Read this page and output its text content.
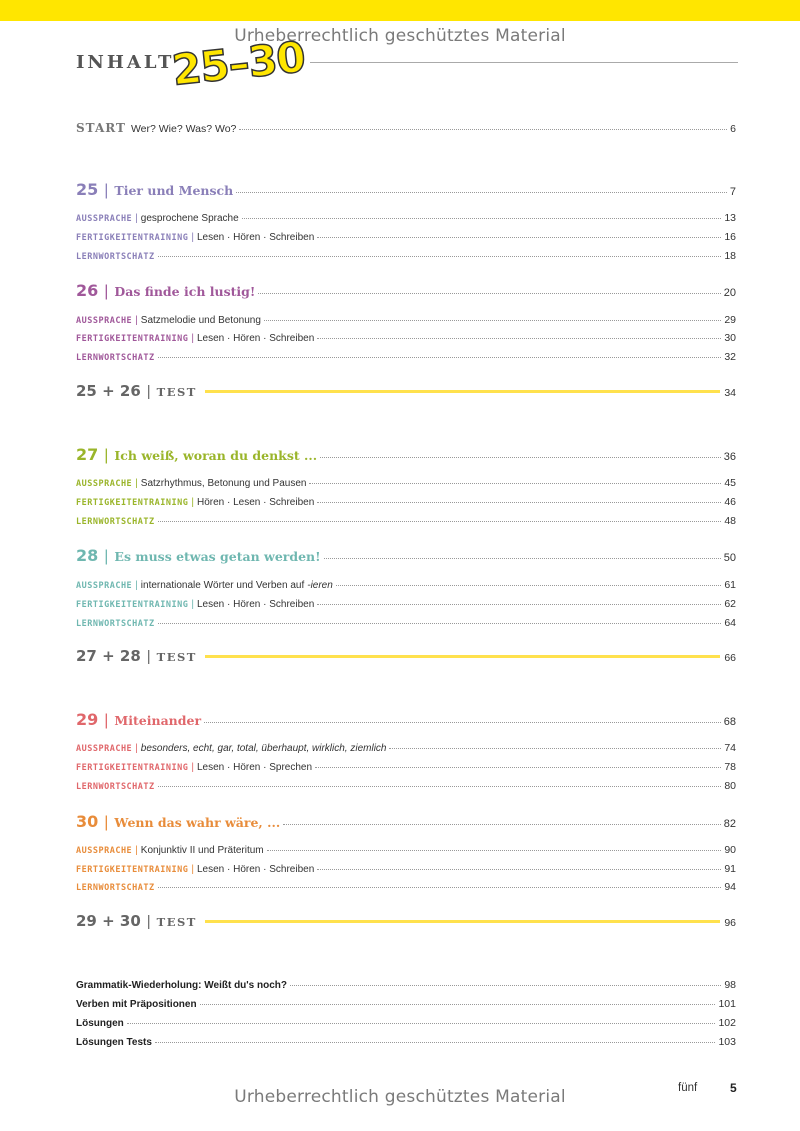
Urheberrechtlich geschütztes Material
INHALT
25–30
START Wer? Wie? Was? Wo?	6
25 | Tier und Mensch	7
AUSSPRACHE | gesprochene Sprache	13
FERTIGKEITENTRAINING | Lesen · Hören · Schreiben	16
LERNWORTSCHATZ	18
26 | Das finde ich lustig!	20
AUSSPRACHE | Satzmelodie und Betonung	29
FERTIGKEITENTRAINING | Lesen · Hören · Schreiben	30
LERNWORTSCHATZ	32
25 + 26 | TEST	34
27 | Ich weiß, woran du denkst ...	36
AUSSPRACHE | Satzrhythmus, Betonung und Pausen	45
FERTIGKEITENTRAINING | Hören · Lesen · Schreiben	46
LERNWORTSCHATZ	48
28 | Es muss etwas getan werden!	50
AUSSPRACHE | internationale Wörter und Verben auf -ieren	61
FERTIGKEITENTRAINING | Lesen · Hören · Schreiben	62
LERNWORTSCHATZ	64
27 + 28 | TEST	66
29 | Miteinander	68
AUSSPRACHE | besonders, echt, gar, total, überhaupt, wirklich, ziemlich	74
FERTIGKEITENTRAINING | Lesen · Hören · Sprechen	78
LERNWORTSCHATZ	80
30 | Wenn das wahr wäre, ...	82
AUSSPRACHE | Konjunktiv II und Präteritum	90
FERTIGKEITENTRAINING | Lesen · Hören · Schreiben	91
LERNWORTSCHATZ	94
29 + 30 | TEST	96
Grammatik-Wiederholung: Weißt du's noch?	98
Verben mit Präpositionen	101
Lösungen	102
Lösungen Tests	103
fünf	5
Urheberrechtlich geschütztes Material
